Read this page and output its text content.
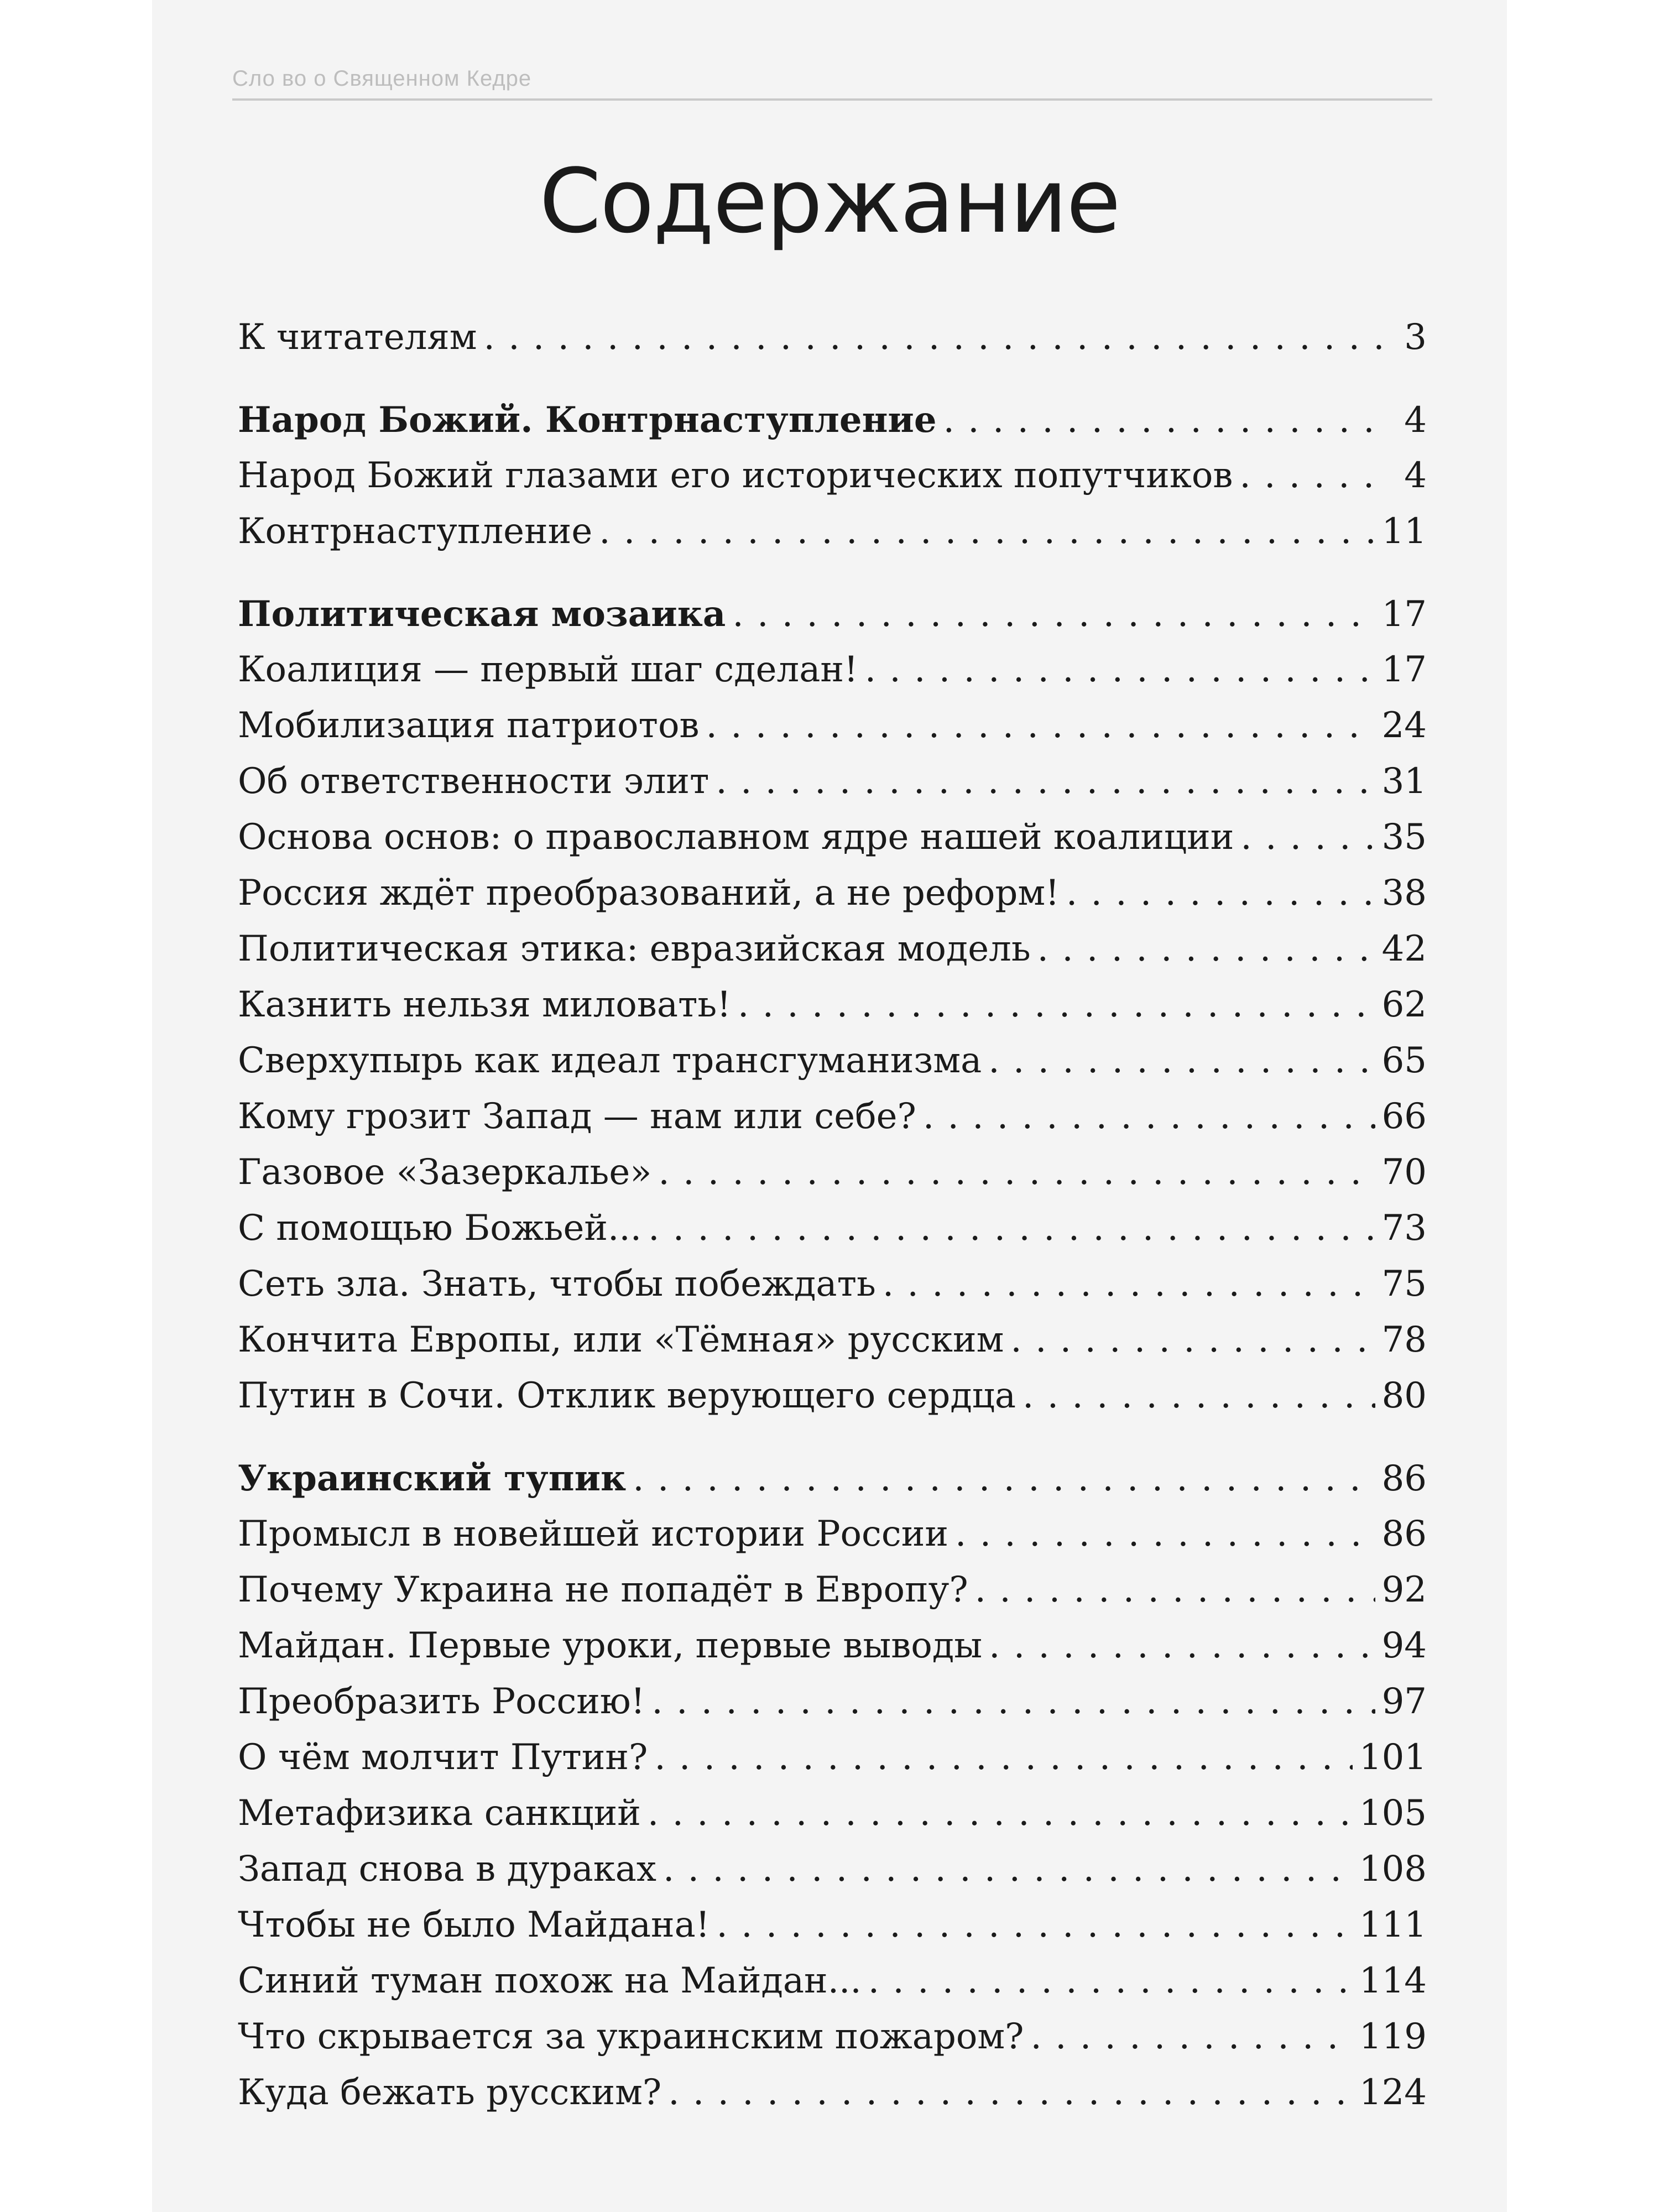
Сло во о Священном Кедре
Содержание
К читателям . . .	3
Народ Божий. Контрнаступление . . .	4
Народ Божий глазами его исторических попутчиков . . .	4
Контрнаступление . . .	11
Политическая мозаика . . .	17
Коалиция — первый шаг сделан! . . .	17
Мобилизация патриотов . . .	24
Об ответственности элит . . .	31
Основа основ: о православном ядре нашей коалиции . . .	35
Россия ждёт преобразований, а не реформ! . . .	38
Политическая этика: евразийская модель . . .	42
Казнить нельзя миловать! . . .	62
Сверхупырь как идеал трансгуманизма . . .	65
Кому грозит Запад — нам или себе? . . .	66
Газовое «Зазеркалье» . . .	70
С помощью Божьей... . . .	73
Сеть зла. Знать, чтобы побеждать . . .	75
Кончита Европы, или «Тёмная» русским . . .	78
Путин в Сочи. Отклик верующего сердца . . .	80
Украинский тупик . . .	86
Промысл в новейшей истории России . . .	86
Почему Украина не попадёт в Европу? . . .	92
Майдан. Первые уроки, первые выводы . . .	94
Преобразить Россию! . . .	97
О чём молчит Путин? . . .	101
Метафизика санкций . . .	105
Запад снова в дураках . . .	108
Чтобы не было Майдана! . . .	111
Синий туман похож на Майдан... . . .	114
Что скрывается за украинским пожаром? . . .	119
Куда бежать русским? . . .	124
